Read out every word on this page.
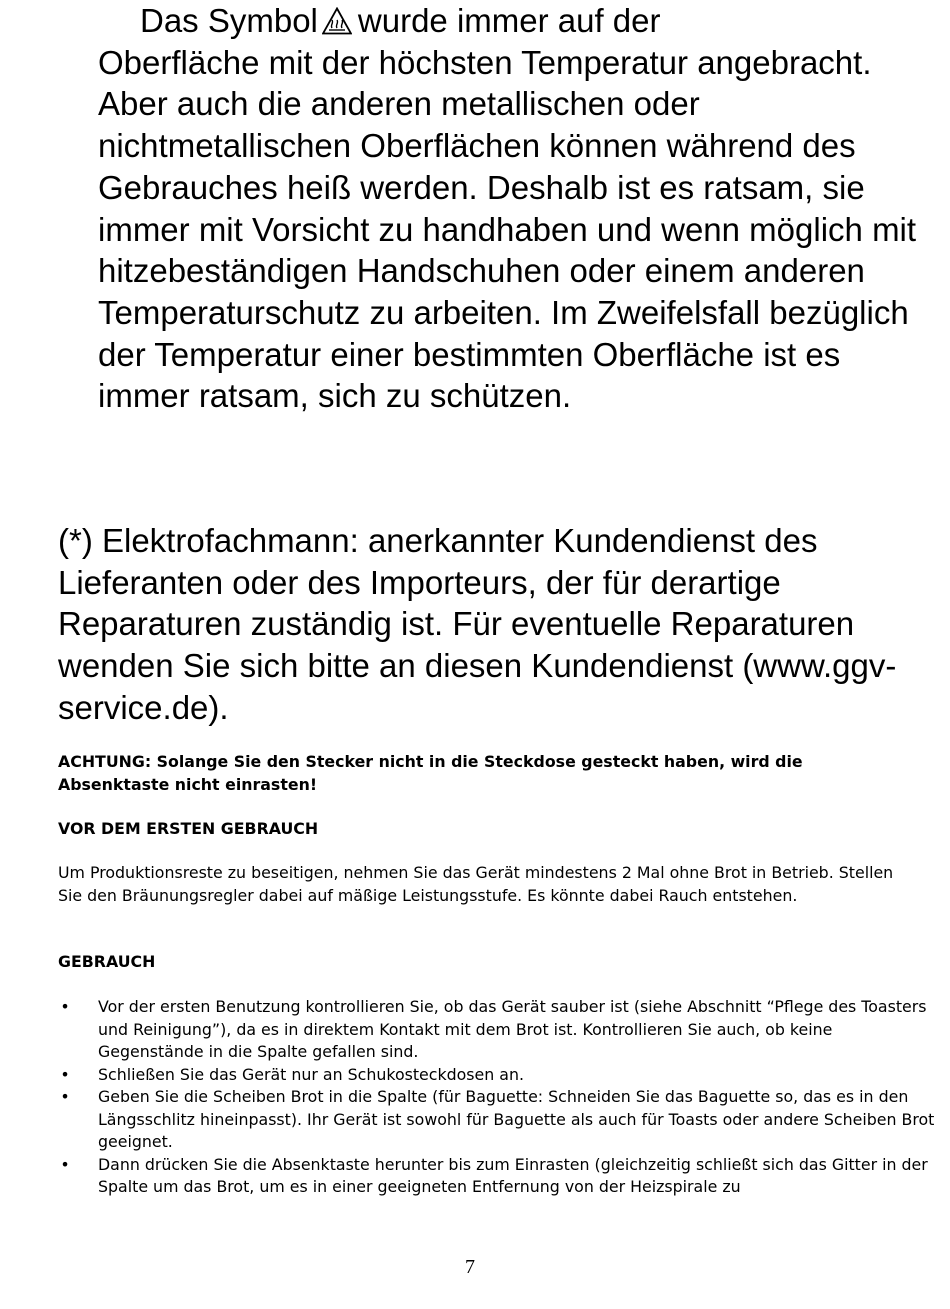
Das Symbol wurde immer auf der
Oberfläche mit der höchsten Temperatur angebracht. Aber auch die anderen metallischen oder nichtmetallischen Oberflächen können während des Gebrauches heiß werden. Deshalb ist es ratsam, sie immer mit Vorsicht zu handhaben und wenn möglich mit hitzebeständigen Handschuhen oder einem anderen Temperaturschutz zu arbeiten. Im Zweifelsfall bezüglich der Temperatur einer bestimmten Oberfläche ist es immer ratsam, sich zu schützen.

(*) Elektrofachmann: anerkannter Kundendienst des Lieferanten oder des Importeurs, der für derartige Reparaturen zuständig ist. Für eventuelle Reparaturen wenden Sie sich bitte an diesen Kundendienst (www.ggv-service.de).

ACHTUNG: Solange Sie den Stecker nicht in die Steckdose gesteckt haben, wird die Absenktaste nicht einrasten!

VOR DEM ERSTEN GEBRAUCH

Um Produktionsreste zu beseitigen, nehmen Sie das Gerät mindestens 2 Mal ohne Brot in Betrieb. Stellen Sie den Bräunungsregler dabei auf mäßige Leistungsstufe. Es könnte dabei Rauch entstehen.

GEBRAUCH

• Vor der ersten Benutzung kontrollieren Sie, ob das Gerät sauber ist (siehe Abschnitt “Pflege des Toasters und Reinigung”), da es in direktem Kontakt mit dem Brot ist. Kontrollieren Sie auch, ob keine Gegenstände in die Spalte gefallen sind.
• Schließen Sie das Gerät nur an Schukosteckdosen an.
• Geben Sie die Scheiben Brot in die Spalte (für Baguette: Schneiden Sie das Baguette so, das es in den Längsschlitz hineinpasst). Ihr Gerät ist sowohl für Baguette als auch für Toasts oder andere Scheiben Brot geeignet.
• Dann drücken Sie die Absenktaste herunter bis zum Einrasten (gleichzeitig schließt sich das Gitter in der Spalte um das Brot, um es in einer geeigneten Entfernung von der Heizspirale zu
7
